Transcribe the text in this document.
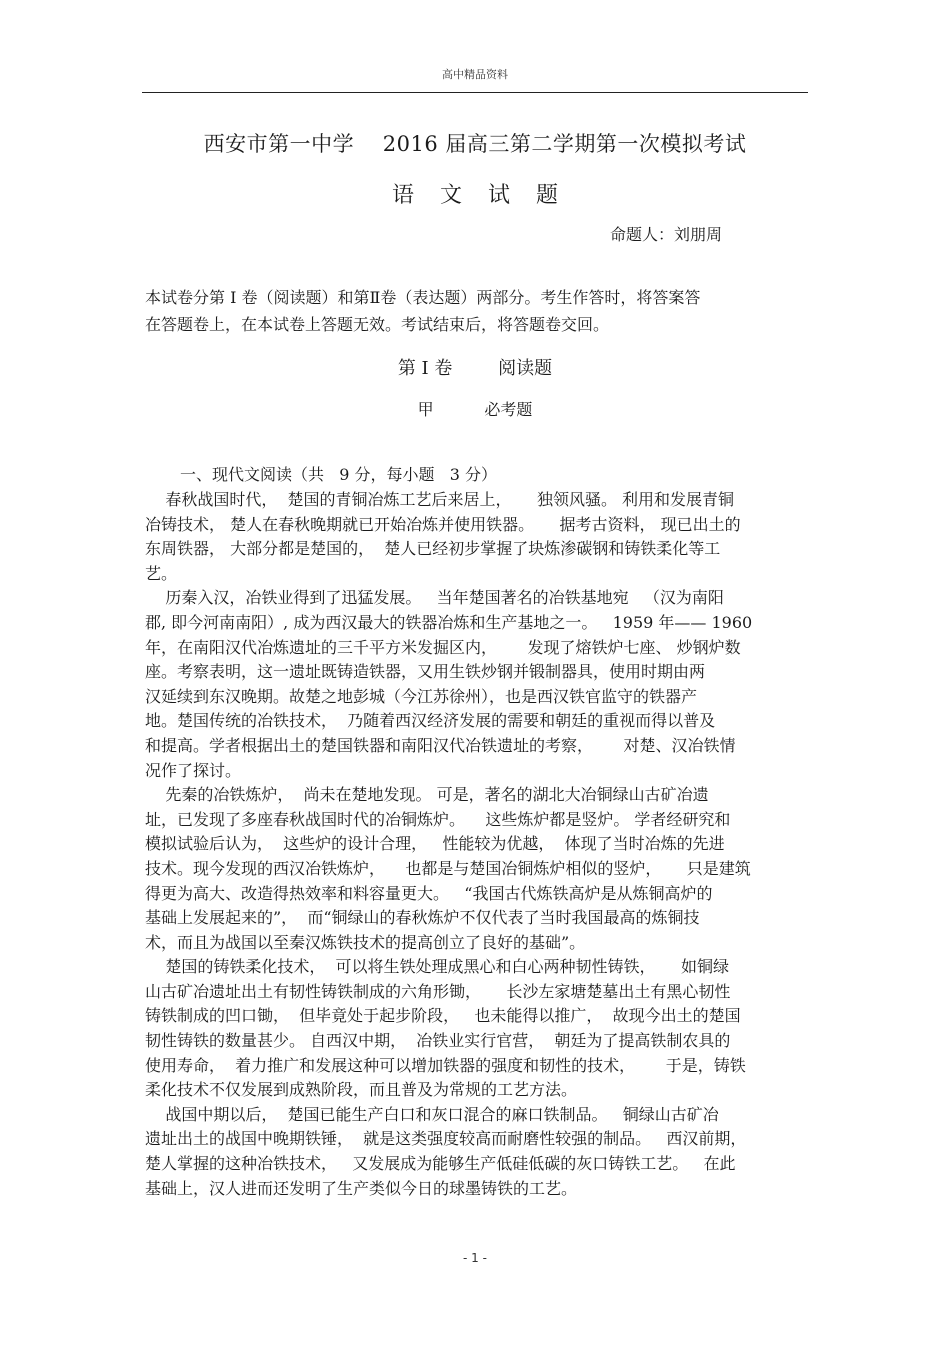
高中精品资料
西安市第一中学    2016 届高三第二学期第一次模拟考试
语文试题
命题人：刘朋周

本试卷分第 Ⅰ 卷（阅读题）和第Ⅱ卷（表达题）两部分。考生作答时，将答案答

在答题卷上，在本试卷上答题无效。考试结束后，将答题卷交回。

第 Ⅰ 卷        阅读题
甲          必考题
一、现代文阅读（共   9 分，每小题   3 分）
春秋战国时代，  楚国的青铜冶炼工艺后来居上，     独领风骚。 利用和发展青铜
冶铸技术， 楚人在春秋晚期就已开始冶炼并使用铁器。     据考古资料， 现已出土的
东周铁器， 大部分都是楚国的，  楚人已经初步掌握了块炼渗碳钢和铸铁柔化等工
艺。
历秦入汉，冶铁业得到了迅猛发展。   当年楚国著名的冶铁基地宛   （汉为南阳
郡, 即今河南南阳）, 成为西汉最大的铁器冶炼和生产基地之一。   1959 年—— 1960
年，在南阳汉代冶炼遗址的三千平方米发掘区内，      发现了熔铁炉七座、 炒钢炉数
座。考察表明，这一遗址既铸造铁器，又用生铁炒钢并锻制器具，使用时期由两
汉延续到东汉晚期。故楚之地彭城（今江苏徐州），也是西汉铁官监守的铁器产
地。楚国传统的冶铁技术，  乃随着西汉经济发展的需要和朝廷的重视而得以普及
和提高。学者根据出土的楚国铁器和南阳汉代冶铁遗址的考察，      对楚、汉冶铁情
况作了探讨。
先秦的冶铁炼炉，  尚未在楚地发现。 可是，著名的湖北大冶铜绿山古矿冶遗
址，已发现了多座春秋战国时代的冶铜炼炉。    这些炼炉都是竖炉。 学者经研究和
模拟试验后认为，  这些炉的设计合理，   性能较为优越，  体现了当时冶炼的先进
技术。现今发现的西汉冶铁炼炉，    也都是与楚国冶铜炼炉相似的竖炉，     只是建筑
得更为高大、改造得热效率和料容量更大。   “我国古代炼铁高炉是从炼铜高炉的
基础上发展起来的”，  而“铜绿山的春秋炼炉不仅代表了当时我国最高的炼铜技
术，而且为战国以至秦汉炼铁技术的提高创立了良好的基础”。
楚国的铸铁柔化技术，  可以将生铁处理成黑心和白心两种韧性铸铁，     如铜绿
山古矿冶遗址出土有韧性铸铁制成的六角形锄，     长沙左家塘楚墓出土有黑心韧性
铸铁制成的凹口锄，  但毕竟处于起步阶段，   也未能得以推广，  故现今出土的楚国
韧性铸铁的数量甚少。 自西汉中期，  冶铁业实行官营，  朝廷为了提高铁制农具的
使用寿命，  着力推广和发展这种可以增加铁器的强度和韧性的技术，      于是，铸铁
柔化技术不仅发展到成熟阶段，而且普及为常规的工艺方法。
战国中期以后，  楚国已能生产白口和灰口混合的麻口铁制品。   铜绿山古矿冶
遗址出土的战国中晚期铁锤，  就是这类强度较高而耐磨性较强的制品。   西汉前期，
楚人掌握的这种冶铁技术，   又发展成为能够生产低硅低碳的灰口铸铁工艺。   在此
基础上，汉人进而还发明了生产类似今日的球墨铸铁的工艺。
- 1 -
